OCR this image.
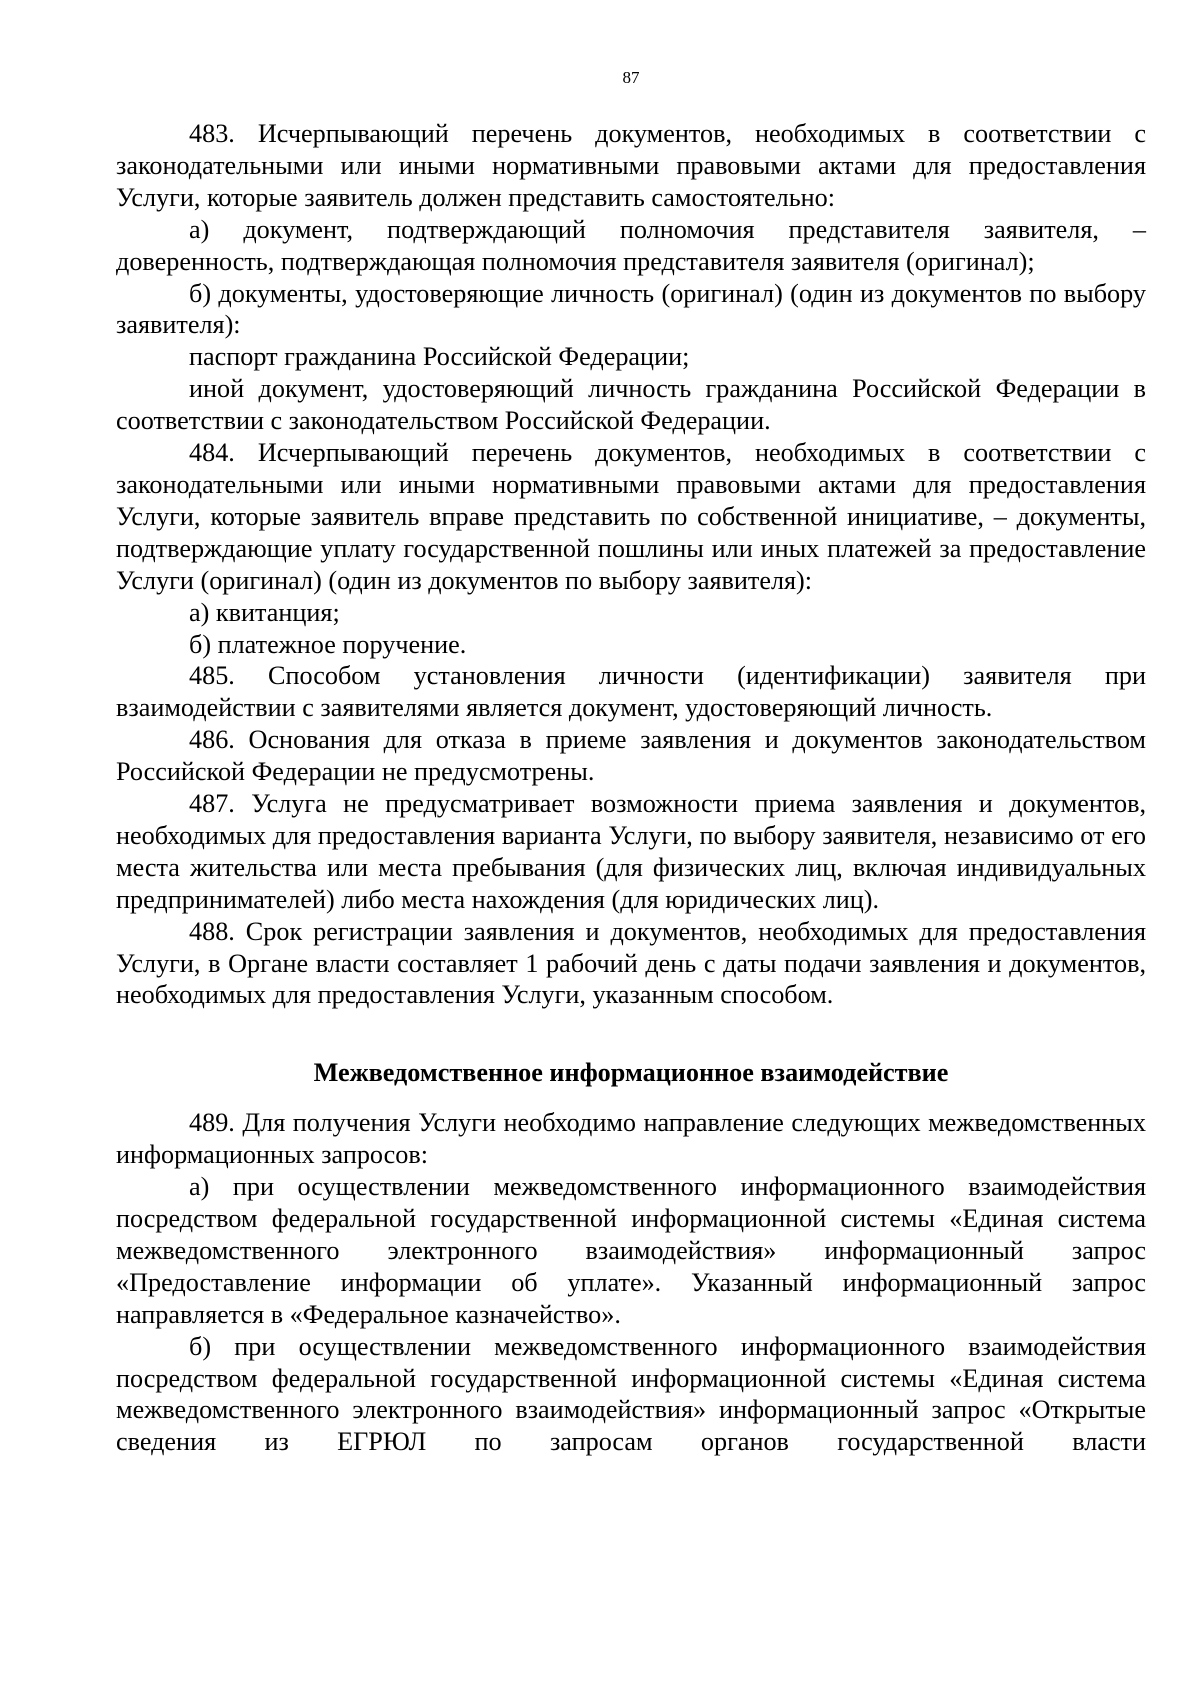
87

483. Исчерпывающий перечень документов, необходимых в соответствии с законодательными или иными нормативными правовыми актами для предоставления Услуги, которые заявитель должен представить самостоятельно:

а) документ, подтверждающий полномочия представителя заявителя, – доверенность, подтверждающая полномочия представителя заявителя (оригинал);

б) документы, удостоверяющие личность (оригинал) (один из документов по выбору заявителя):

паспорт гражданина Российской Федерации;

иной документ, удостоверяющий личность гражданина Российской Федерации в соответствии с законодательством Российской Федерации.

484. Исчерпывающий перечень документов, необходимых в соответствии с законодательными или иными нормативными правовыми актами для предоставления Услуги, которые заявитель вправе представить по собственной инициативе, – документы, подтверждающие уплату государственной пошлины или иных платежей за предоставление Услуги (оригинал) (один из документов по выбору заявителя):

а) квитанция;

б) платежное поручение.

485. Способом установления личности (идентификации) заявителя при взаимодействии с заявителями является документ, удостоверяющий личность.

486. Основания для отказа в приеме заявления и документов законодательством Российской Федерации не предусмотрены.

487. Услуга не предусматривает возможности приема заявления и документов, необходимых для предоставления варианта Услуги, по выбору заявителя, независимо от его места жительства или места пребывания (для физических лиц, включая индивидуальных предпринимателей) либо места нахождения (для юридических лиц).

488. Срок регистрации заявления и документов, необходимых для предоставления Услуги, в Органе власти составляет 1 рабочий день с даты подачи заявления и документов, необходимых для предоставления Услуги, указанным способом.

Межведомственное информационное взаимодействие

489. Для получения Услуги необходимо направление следующих межведомственных информационных запросов:

а) при осуществлении межведомственного информационного взаимодействия посредством федеральной государственной информационной системы «Единая система межведомственного электронного взаимодействия» информационный запрос «Предоставление информации об уплате». Указанный информационный запрос направляется в «Федеральное казначейство».

б) при осуществлении межведомственного информационного взаимодействия посредством федеральной государственной информационной системы «Единая система межведомственного электронного взаимодействия» информационный запрос «Открытые сведения из ЕГРЮЛ по запросам органов государственной власти
